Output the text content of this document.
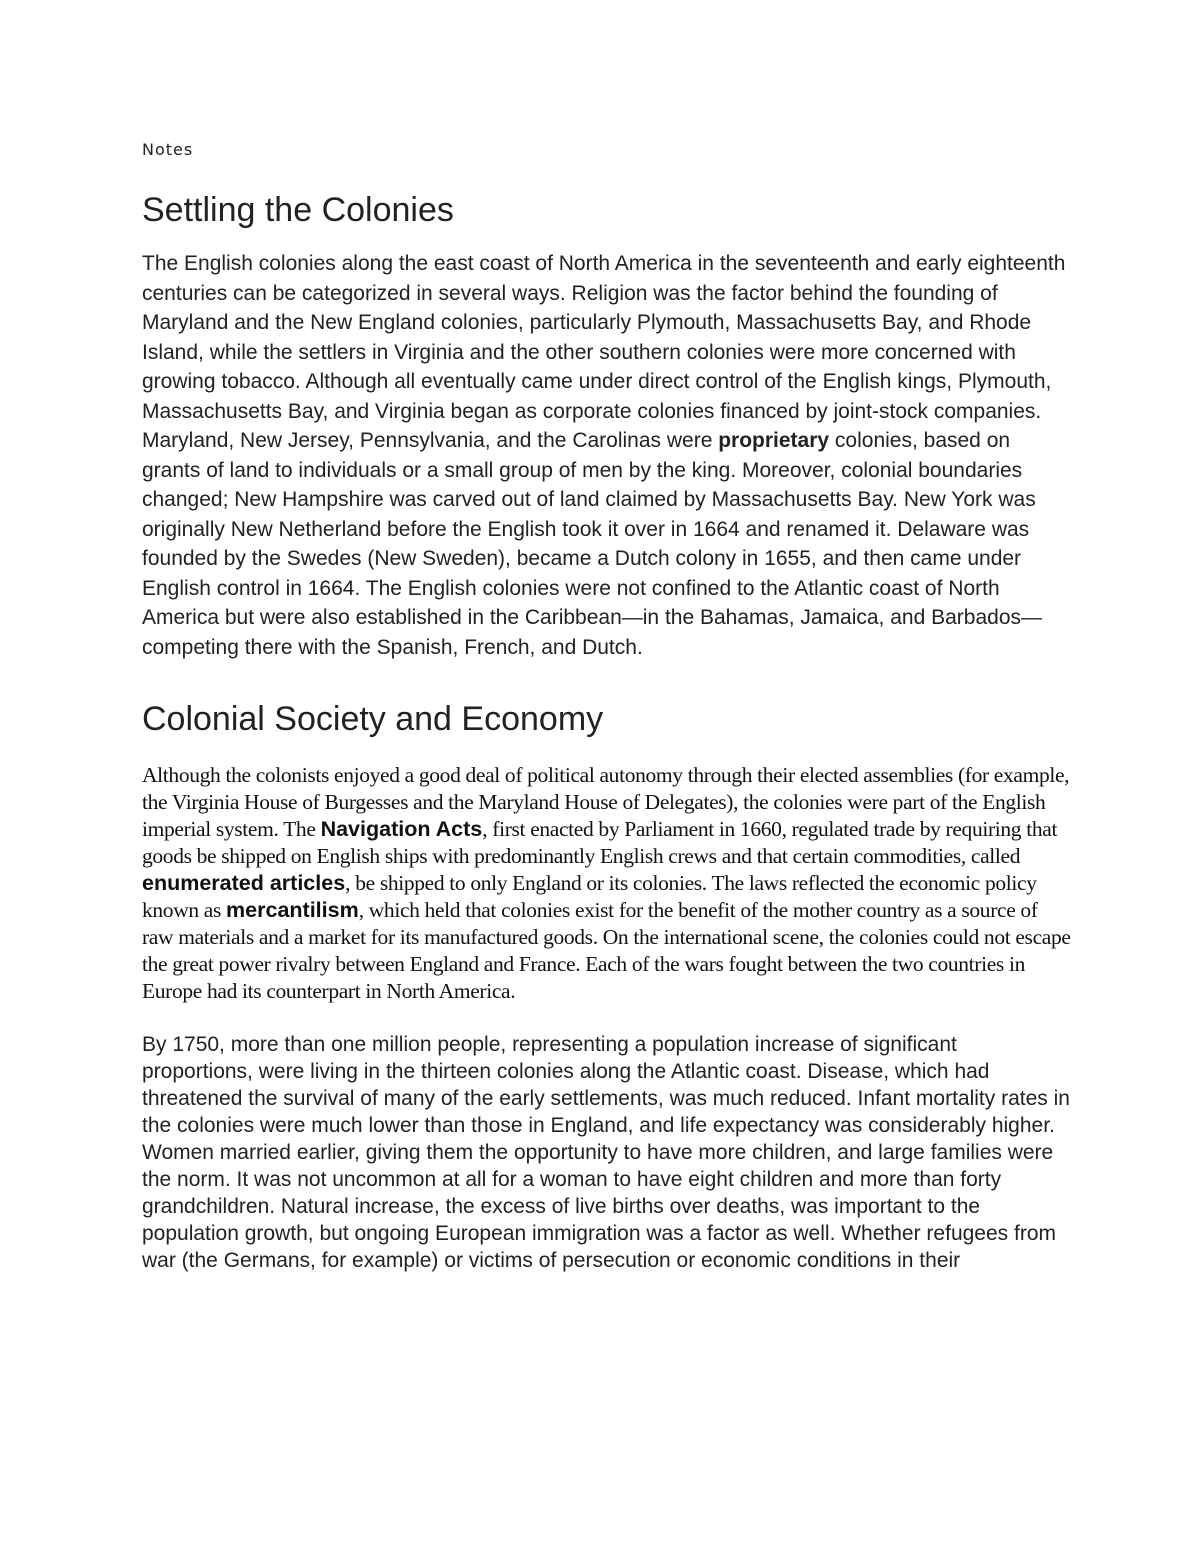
Notes
Settling the Colonies

The English colonies along the east coast of North America in the seventeenth and early eighteenth centuries can be categorized in several ways. Religion was the factor behind the founding of Maryland and the New England colonies, particularly Plymouth, Massachusetts Bay, and Rhode Island, while the settlers in Virginia and the other southern colonies were more concerned with growing tobacco. Although all eventually came under direct control of the English kings, Plymouth, Massachusetts Bay, and Virginia began as corporate colonies financed by joint-stock companies. Maryland, New Jersey, Pennsylvania, and the Carolinas were proprietary colonies, based on grants of land to individuals or a small group of men by the king. Moreover, colonial boundaries changed; New Hampshire was carved out of land claimed by Massachusetts Bay. New York was originally New Netherland before the English took it over in 1664 and renamed it. Delaware was founded by the Swedes (New Sweden), became a Dutch colony in 1655, and then came under English control in 1664. The English colonies were not confined to the Atlantic coast of North America but were also established in the Caribbean—in the Bahamas, Jamaica, and Barbados—competing there with the Spanish, French, and Dutch.

Colonial Society and Economy

Although the colonists enjoyed a good deal of political autonomy through their elected assemblies (for example, the Virginia House of Burgesses and the Maryland House of Delegates), the colonies were part of the English imperial system. The Navigation Acts, first enacted by Parliament in 1660, regulated trade by requiring that goods be shipped on English ships with predominantly English crews and that certain commodities, called enumerated articles, be shipped to only England or its colonies. The laws reflected the economic policy known as mercantilism, which held that colonies exist for the benefit of the mother country as a source of raw materials and a market for its manufactured goods. On the international scene, the colonies could not escape the great power rivalry between England and France. Each of the wars fought between the two countries in Europe had its counterpart in North America.

By 1750, more than one million people, representing a population increase of significant proportions, were living in the thirteen colonies along the Atlantic coast. Disease, which had threatened the survival of many of the early settlements, was much reduced. Infant mortality rates in the colonies were much lower than those in England, and life expectancy was considerably higher. Women married earlier, giving them the opportunity to have more children, and large families were the norm. It was not uncommon at all for a woman to have eight children and more than forty grandchildren. Natural increase, the excess of live births over deaths, was important to the population growth, but ongoing European immigration was a factor as well. Whether refugees from war (the Germans, for example) or victims of persecution or economic conditions in their
